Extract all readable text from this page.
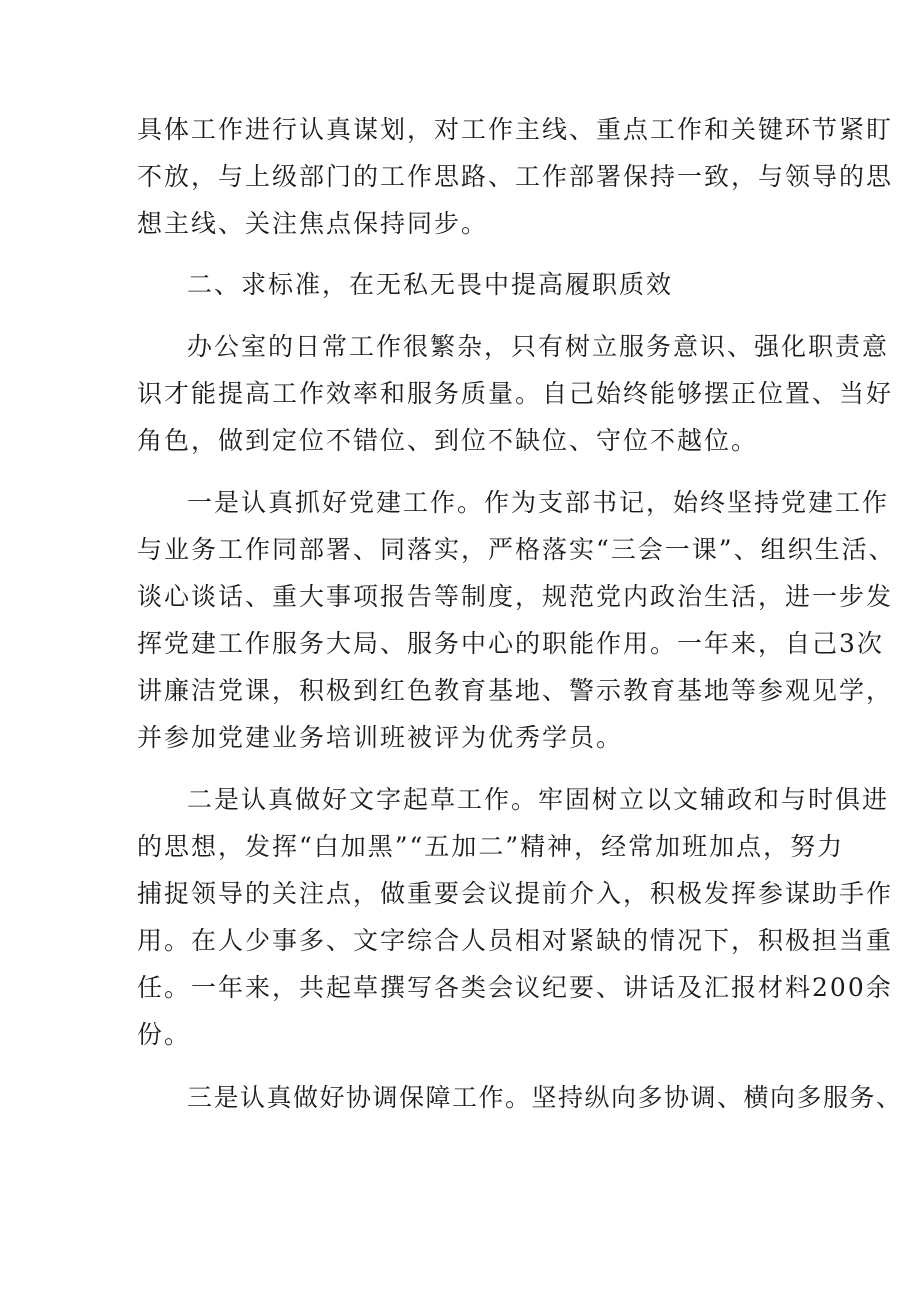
具体工作进行认真谋划，对工作主线、重点工作和关键环节紧盯

不放，与上级部门的工作思路、工作部署保持一致，与领导的思

想主线、关注焦点保持同步。

二、求标准，在无私无畏中提高履职质效

办公室的日常工作很繁杂，只有树立服务意识、强化职责意

识才能提高工作效率和服务质量。自己始终能够摆正位置、当好

角色，做到定位不错位、到位不缺位、守位不越位。

一是认真抓好党建工作。作为支部书记，始终坚持党建工作

与业务工作同部署、同落实，严格落实“三会一课”、组织生活、

谈心谈话、重大事项报告等制度，规范党内政治生活，进一步发

挥党建工作服务大局、服务中心的职能作用。一年来，自己3次

讲廉洁党课，积极到红色教育基地、警示教育基地等参观见学，

并参加党建业务培训班被评为优秀学员。

二是认真做好文字起草工作。牢固树立以文辅政和与时俱进

的思想，发挥“白加黑”“五加二”精神，经常加班加点，努力

捕捉领导的关注点，做重要会议提前介入，积极发挥参谋助手作

用。在人少事多、文字综合人员相对紧缺的情况下，积极担当重

任。一年来，共起草撰写各类会议纪要、讲话及汇报材料200余

份。

三是认真做好协调保障工作。坚持纵向多协调、横向多服务、
